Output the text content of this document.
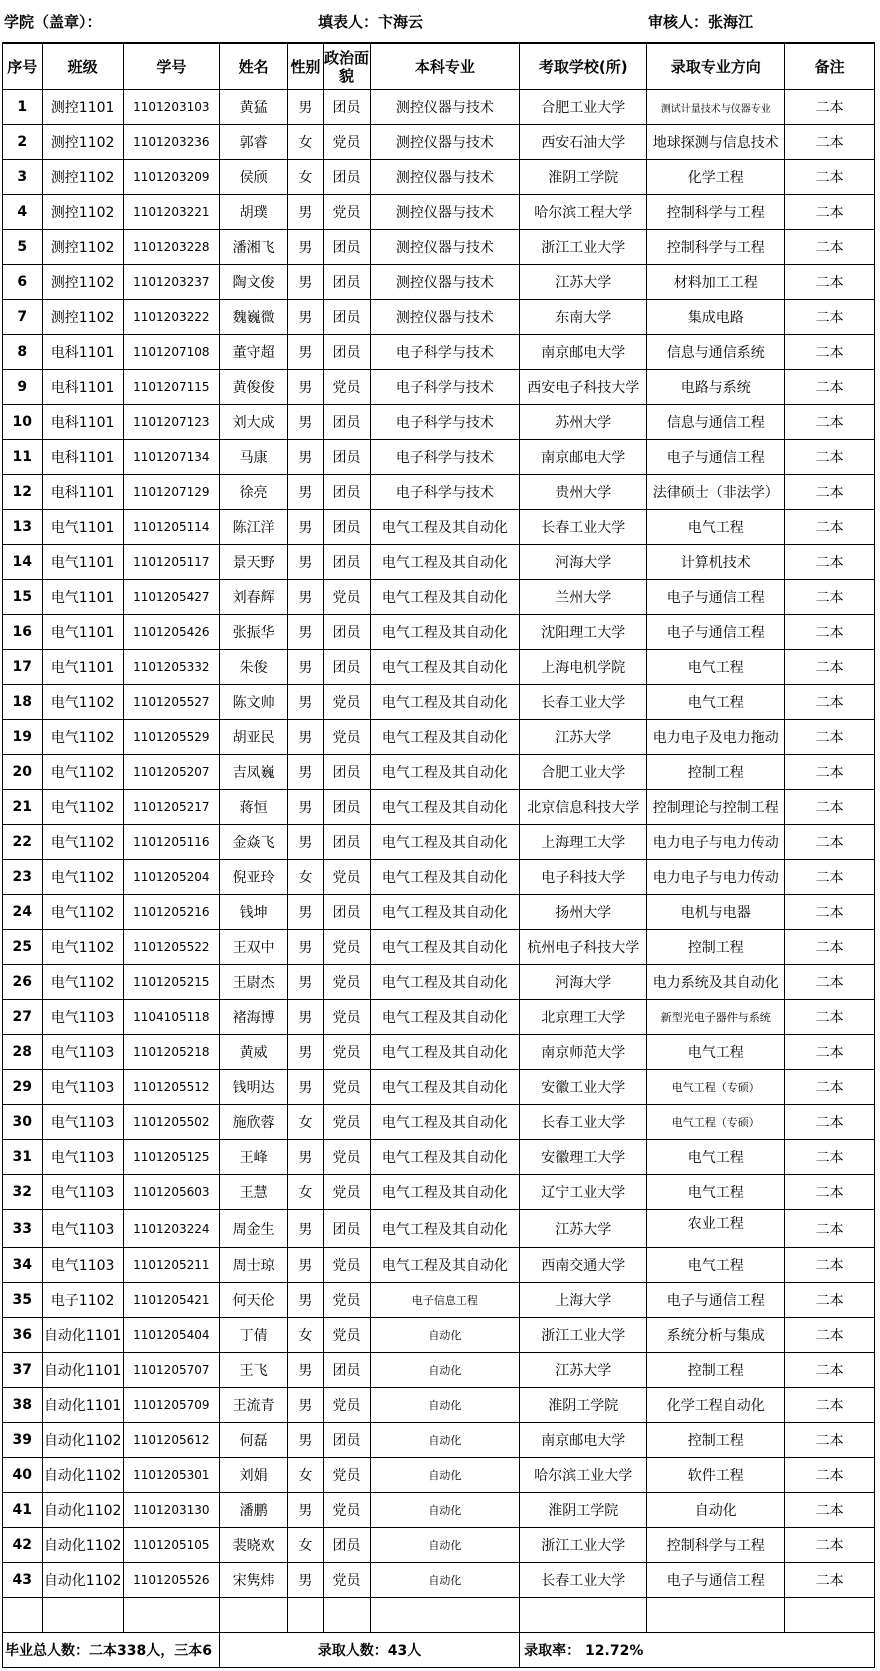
学院（盖章）：	填表人：卞海云	审核人：张海江
序号	班级	学号	姓名	性别	政治面貌	本科专业	考取学校(所)	录取专业方向	备注
1	测控1101	1101203103	黄猛	男	团员	测控仪器与技术	合肥工业大学	测试计量技术与仪器专业	二本
2	测控1102	1101203236	郭睿	女	党员	测控仪器与技术	西安石油大学	地球探测与信息技术	二本
3	测控1102	1101203209	侯颀	女	团员	测控仪器与技术	淮阴工学院	化学工程	二本
4	测控1102	1101203221	胡璞	男	党员	测控仪器与技术	哈尔滨工程大学	控制科学与工程	二本
5	测控1102	1101203228	潘湘飞	男	团员	测控仪器与技术	浙江工业大学	控制科学与工程	二本
6	测控1102	1101203237	陶文俊	男	团员	测控仪器与技术	江苏大学	材料加工工程	二本
7	测控1102	1101203222	魏巍微	男	团员	测控仪器与技术	东南大学	集成电路	二本
8	电科1101	1101207108	董守超	男	团员	电子科学与技术	南京邮电大学	信息与通信系统	二本
9	电科1101	1101207115	黄俊俊	男	党员	电子科学与技术	西安电子科技大学	电路与系统	二本
10	电科1101	1101207123	刘大成	男	团员	电子科学与技术	苏州大学	信息与通信工程	二本
11	电科1101	1101207134	马康	男	团员	电子科学与技术	南京邮电大学	电子与通信工程	二本
12	电科1101	1101207129	徐亮	男	团员	电子科学与技术	贵州大学	法律硕士（非法学）	二本
13	电气1101	1101205114	陈江洋	男	团员	电气工程及其自动化	长春工业大学	电气工程	二本
14	电气1101	1101205117	景天野	男	团员	电气工程及其自动化	河海大学	计算机技术	二本
15	电气1101	1101205427	刘春辉	男	党员	电气工程及其自动化	兰州大学	电子与通信工程	二本
16	电气1101	1101205426	张振华	男	团员	电气工程及其自动化	沈阳理工大学	电子与通信工程	二本
17	电气1101	1101205332	朱俊	男	团员	电气工程及其自动化	上海电机学院	电气工程	二本
18	电气1102	1101205527	陈文帅	男	党员	电气工程及其自动化	长春工业大学	电气工程	二本
19	电气1102	1101205529	胡亚民	男	党员	电气工程及其自动化	江苏大学	电力电子及电力拖动	二本
20	电气1102	1101205207	吉凤巍	男	团员	电气工程及其自动化	合肥工业大学	控制工程	二本
21	电气1102	1101205217	蒋恒	男	团员	电气工程及其自动化	北京信息科技大学	控制理论与控制工程	二本
22	电气1102	1101205116	金焱飞	男	团员	电气工程及其自动化	上海理工大学	电力电子与电力传动	二本
23	电气1102	1101205204	倪亚玲	女	党员	电气工程及其自动化	电子科技大学	电力电子与电力传动	二本
24	电气1102	1101205216	钱坤	男	团员	电气工程及其自动化	扬州大学	电机与电器	二本
25	电气1102	1101205522	王双中	男	党员	电气工程及其自动化	杭州电子科技大学	控制工程	二本
26	电气1102	1101205215	王尉杰	男	党员	电气工程及其自动化	河海大学	电力系统及其自动化	二本
27	电气1103	1104105118	褚海博	男	党员	电气工程及其自动化	北京理工大学	新型光电子器件与系统	二本
28	电气1103	1101205218	黄威	男	党员	电气工程及其自动化	南京师范大学	电气工程	二本
29	电气1103	1101205512	钱明达	男	党员	电气工程及其自动化	安徽工业大学	电气工程（专硕）	二本
30	电气1103	1101205502	施欣蓉	女	党员	电气工程及其自动化	长春工业大学	电气工程（专硕）	二本
31	电气1103	1101205125	王峰	男	党员	电气工程及其自动化	安徽理工大学	电气工程	二本
32	电气1103	1101205603	王慧	女	党员	电气工程及其自动化	辽宁工业大学	电气工程	二本
33	电气1103	1101203224	周金生	男	团员	电气工程及其自动化	江苏大学	农业工程	二本
34	电气1103	1101205211	周士琼	男	党员	电气工程及其自动化	西南交通大学	电气工程	二本
35	电子1102	1101205421	何天伦	男	党员	电子信息工程	上海大学	电子与通信工程	二本
36	自动化1101	1101205404	丁倩	女	党员	自动化	浙江工业大学	系统分析与集成	二本
37	自动化1101	1101205707	王飞	男	团员	自动化	江苏大学	控制工程	二本
38	自动化1101	1101205709	王流青	男	党员	自动化	淮阴工学院	化学工程自动化	二本
39	自动化1102	1101205612	何磊	男	团员	自动化	南京邮电大学	控制工程	二本
40	自动化1102	1101205301	刘娟	女	党员	自动化	哈尔滨工业大学	软件工程	二本
41	自动化1102	1101203130	潘鹏	男	党员	自动化	淮阴工学院	自动化	二本
42	自动化1102	1101205105	裴晓欢	女	团员	自动化	浙江工业大学	控制科学与工程	二本
43	自动化1102	1101205526	宋隽炜	男	党员	自动化	长春工业大学	电子与通信工程	二本

毕业总人数：二本338人，三本6			录取人数：43人				录取率： 12.72%		
